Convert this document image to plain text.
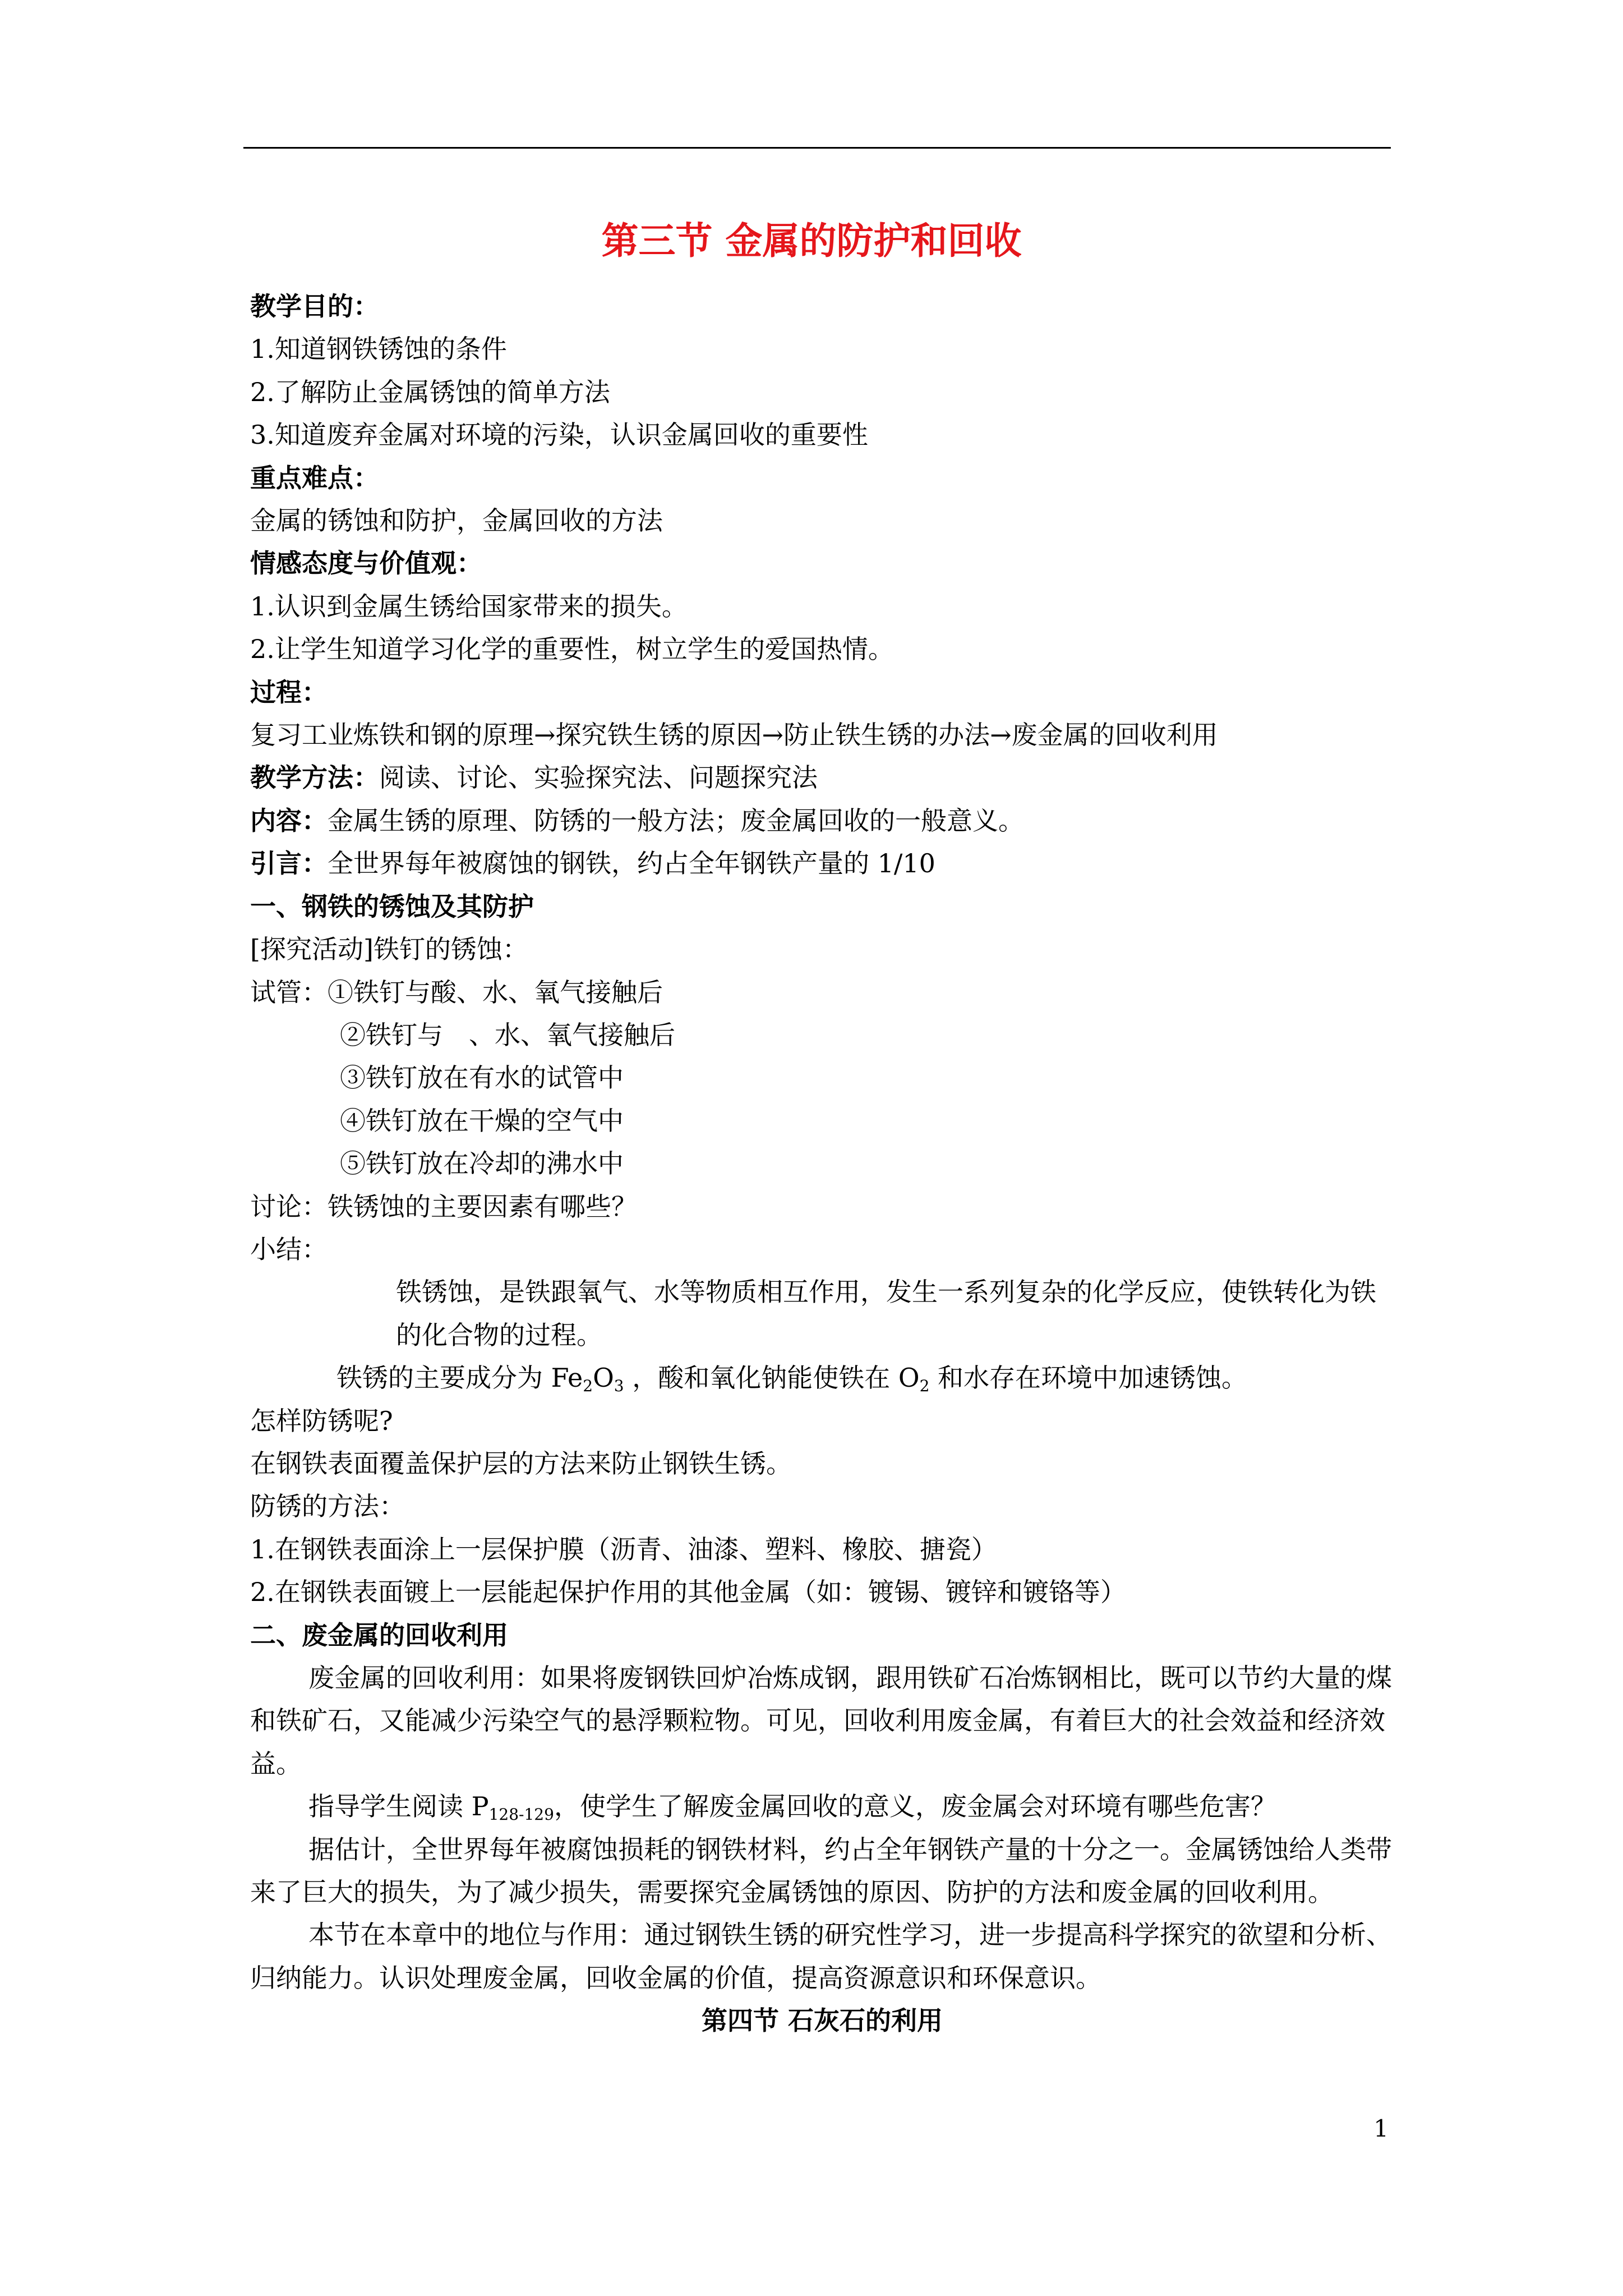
第三节 金属的防护和回收
教学目的：
1.知道钢铁锈蚀的条件
2.了解防止金属锈蚀的简单方法
3.知道废弃金属对环境的污染，认识金属回收的重要性
重点难点：
金属的锈蚀和防护，金属回收的方法
情感态度与价值观：
1.认识到金属生锈给国家带来的损失。
2.让学生知道学习化学的重要性，树立学生的爱国热情。
过程：
复习工业炼铁和钢的原理→探究铁生锈的原因→防止铁生锈的办法→废金属的回收利用
教学方法：阅读、讨论、实验探究法、问题探究法
内容：金属生锈的原理、防锈的一般方法；废金属回收的一般意义。
引言：全世界每年被腐蚀的钢铁，约占全年钢铁产量的 1/10
一、钢铁的锈蚀及其防护
[探究活动]铁钉的锈蚀：
试管：①铁钉与酸、水、氧气接触后
②铁钉与　、水、氧气接触后
③铁钉放在有水的试管中
④铁钉放在干燥的空气中
⑤铁钉放在冷却的沸水中
讨论：铁锈蚀的主要因素有哪些？
小结：
铁锈蚀，是铁跟氧气、水等物质相互作用，发生一系列复杂的化学反应，使铁转化为铁的化合物的过程。
铁锈的主要成分为 $Fe_2O_3$ ，酸和氧化钠能使铁在 $O_2$ 和水存在环境中加速锈蚀。
怎样防锈呢?
在钢铁表面覆盖保护层的方法来防止钢铁生锈。
防锈的方法：
1.在钢铁表面涂上一层保护膜（沥青、油漆、塑料、橡胶、搪瓷）
2.在钢铁表面镀上一层能起保护作用的其他金属（如：镀锡、镀锌和镀铬等）
二、废金属的回收利用
废金属的回收利用：如果将废钢铁回炉冶炼成钢，跟用铁矿石冶炼钢相比，既可以节约大量的煤和铁矿石，又能减少污染空气的悬浮颗粒物。可见，回收利用废金属，有着巨大的社会效益和经济效益。
指导学生阅读 $P_{128-129}$，使学生了解废金属回收的意义，废金属会对环境有哪些危害？
据估计，全世界每年被腐蚀损耗的钢铁材料，约占全年钢铁产量的十分之一。金属锈蚀给人类带来了巨大的损失，为了减少损失，需要探究金属锈蚀的原因、防护的方法和废金属的回收利用。
本节在本章中的地位与作用：通过钢铁生锈的研究性学习，进一步提高科学探究的欲望和分析、归纳能力。认识处理废金属，回收金属的价值，提高资源意识和环保意识。
第四节 石灰石的利用
1
